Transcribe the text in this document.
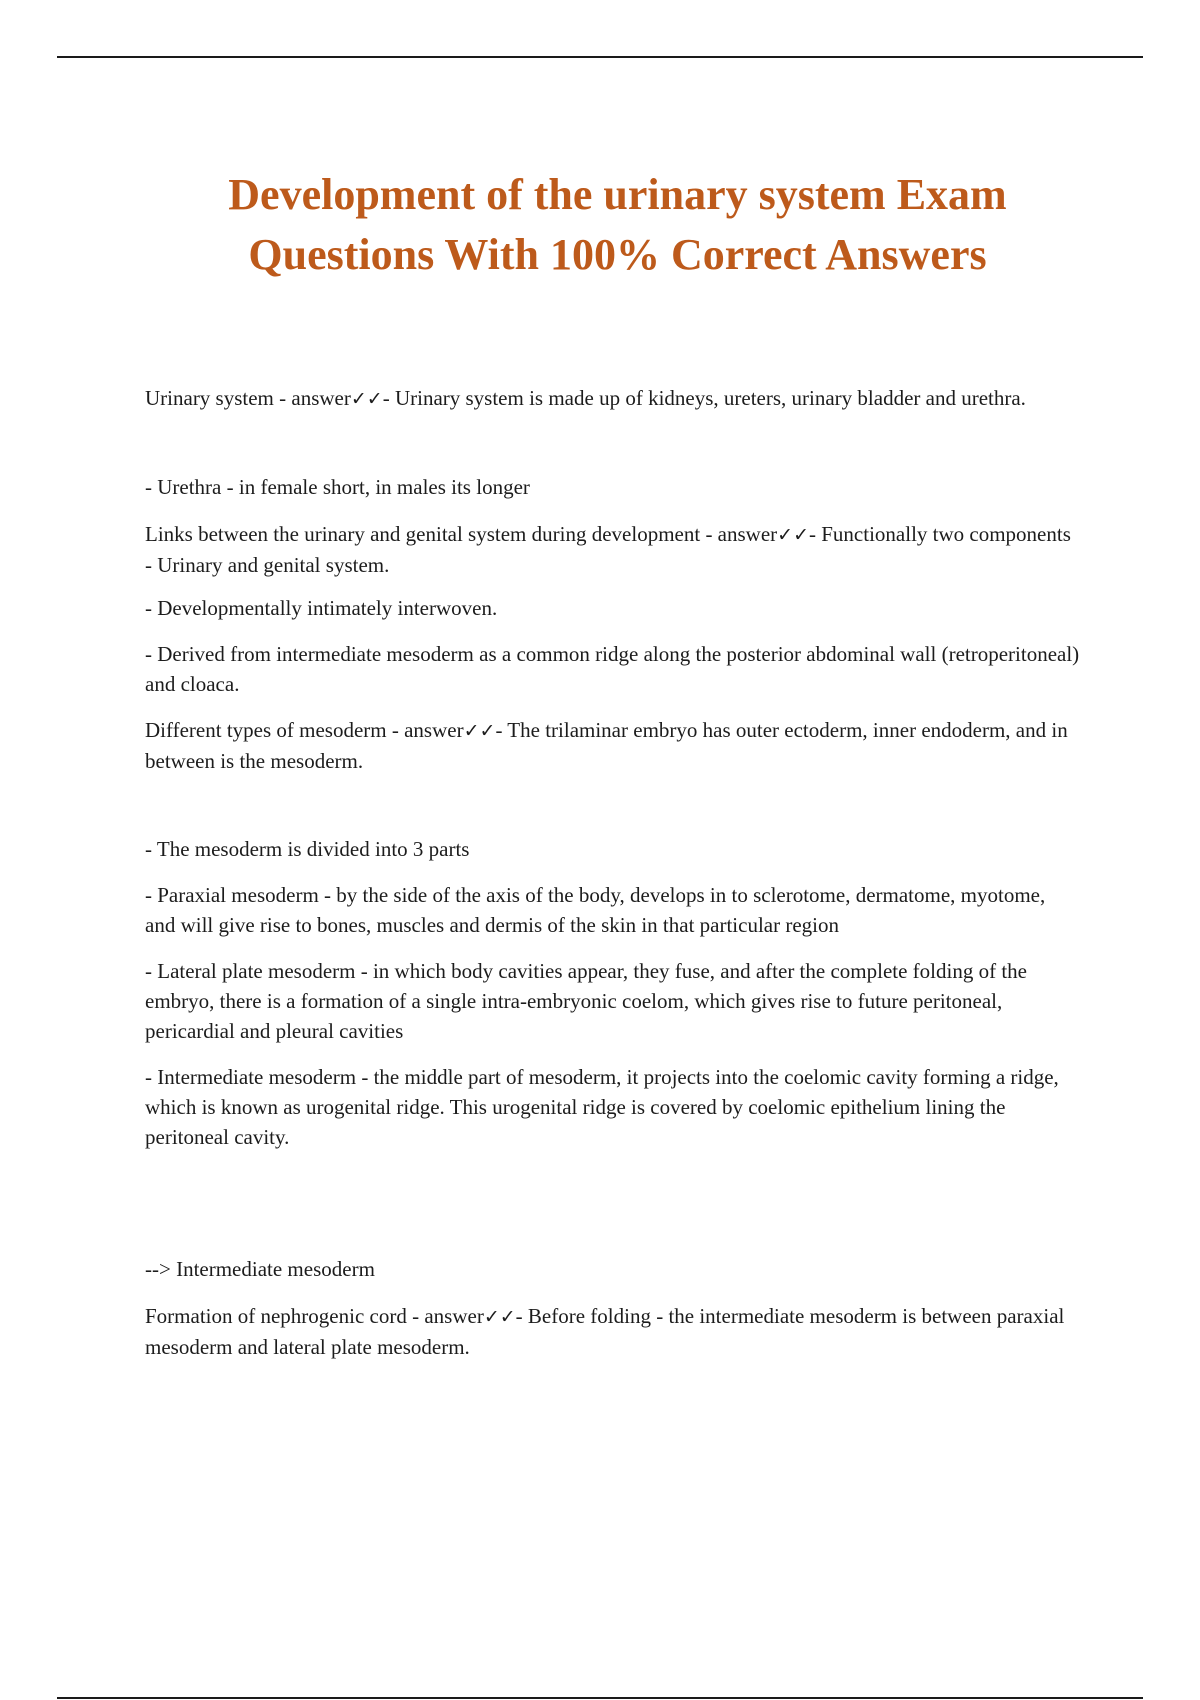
Development of the urinary system Exam
Questions With 100% Correct Answers

Urinary system - answer✓✓- Urinary system is made up of kidneys, ureters, urinary bladder and urethra.

- Urethra - in female short, in males its longer

Links between the urinary and genital system during development - answer✓✓- Functionally two components - Urinary and genital system.

- Developmentally intimately interwoven.

- Derived from intermediate mesoderm as a common ridge along the posterior abdominal wall (retroperitoneal) and cloaca.

Different types of mesoderm - answer✓✓- The trilaminar embryo has outer ectoderm, inner endoderm, and in between is the mesoderm.

- The mesoderm is divided into 3 parts

- Paraxial mesoderm - by the side of the axis of the body, develops in to sclerotome, dermatome, myotome, and will give rise to bones, muscles and dermis of the skin in that particular region

- Lateral plate mesoderm - in which body cavities appear, they fuse, and after the complete folding of the embryo, there is a formation of a single intra-embryonic coelom, which gives rise to future peritoneal, pericardial and pleural cavities

- Intermediate mesoderm - the middle part of mesoderm, it projects into the coelomic cavity forming a ridge, which is known as urogenital ridge. This urogenital ridge is covered by coelomic epithelium lining the peritoneal cavity.

--> Intermediate mesoderm

Formation of nephrogenic cord - answer✓✓- Before folding - the intermediate mesoderm is between paraxial mesoderm and lateral plate mesoderm.
